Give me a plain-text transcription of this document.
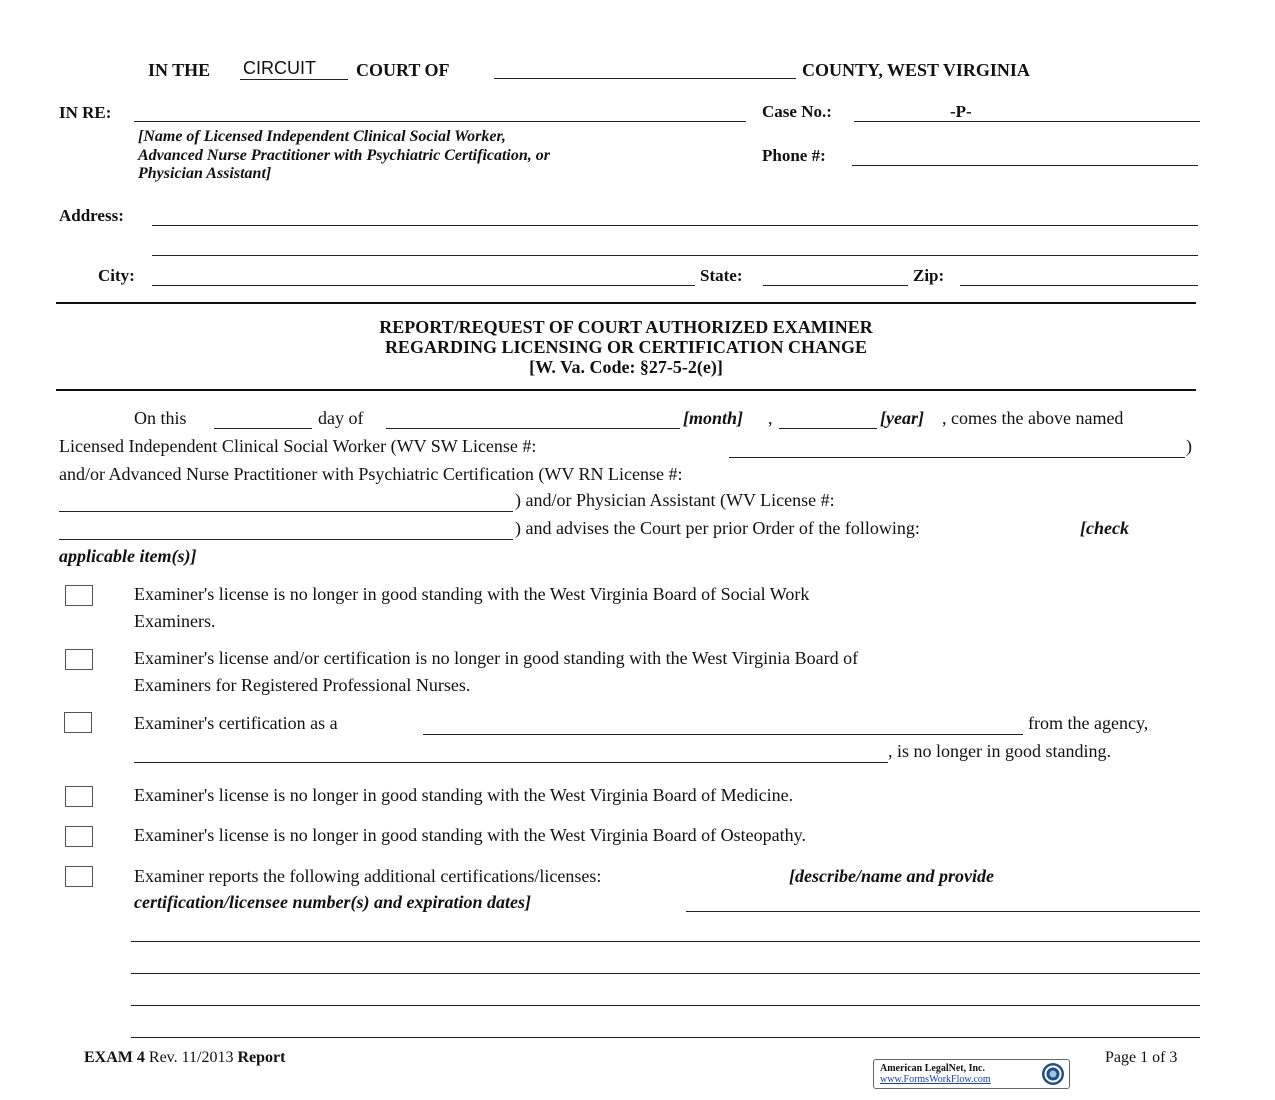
IN THE CIRCUIT COURT OF	COUNTY, WEST VIRGINIA
IN RE:
[Name of Licensed Independent Clinical Social Worker,
Advanced Nurse Practitioner with Psychiatric Certification, or
Physician Assistant]
Case No.:	-P-
Phone #:
Address:
City:	State:	Zip:
REPORT/REQUEST OF COURT AUTHORIZED EXAMINER
REGARDING LICENSING OR CERTIFICATION CHANGE
[W. Va. Code: §27-5-2(e)]
On this	day of	[month] ,	[year] , comes the above named
Licensed Independent Clinical Social Worker (WV SW License #:	)
and/or Advanced Nurse Practitioner with Psychiatric Certification (WV RN License #:
) and/or Physician Assistant (WV License #:
) and advises the Court per prior Order of the following:	[check
applicable item(s)]
Examiner's license is no longer in good standing with the West Virginia Board of Social Work
Examiners.
Examiner's license and/or certification is no longer in good standing with the West Virginia Board of
Examiners for Registered Professional Nurses.
Examiner's certification as a	from the agency,
, is no longer in good standing.
Examiner's license is no longer in good standing with the West Virginia Board of Medicine.
Examiner's license is no longer in good standing with the West Virginia Board of Osteopathy.
Examiner reports the following additional certifications/licenses:	[describe/name and provide
certification/licensee number(s) and expiration dates]
EXAM 4 Rev. 11/2013 Report
American LegalNet, Inc.
www.FormsWorkFlow.com
Page 1 of 3
